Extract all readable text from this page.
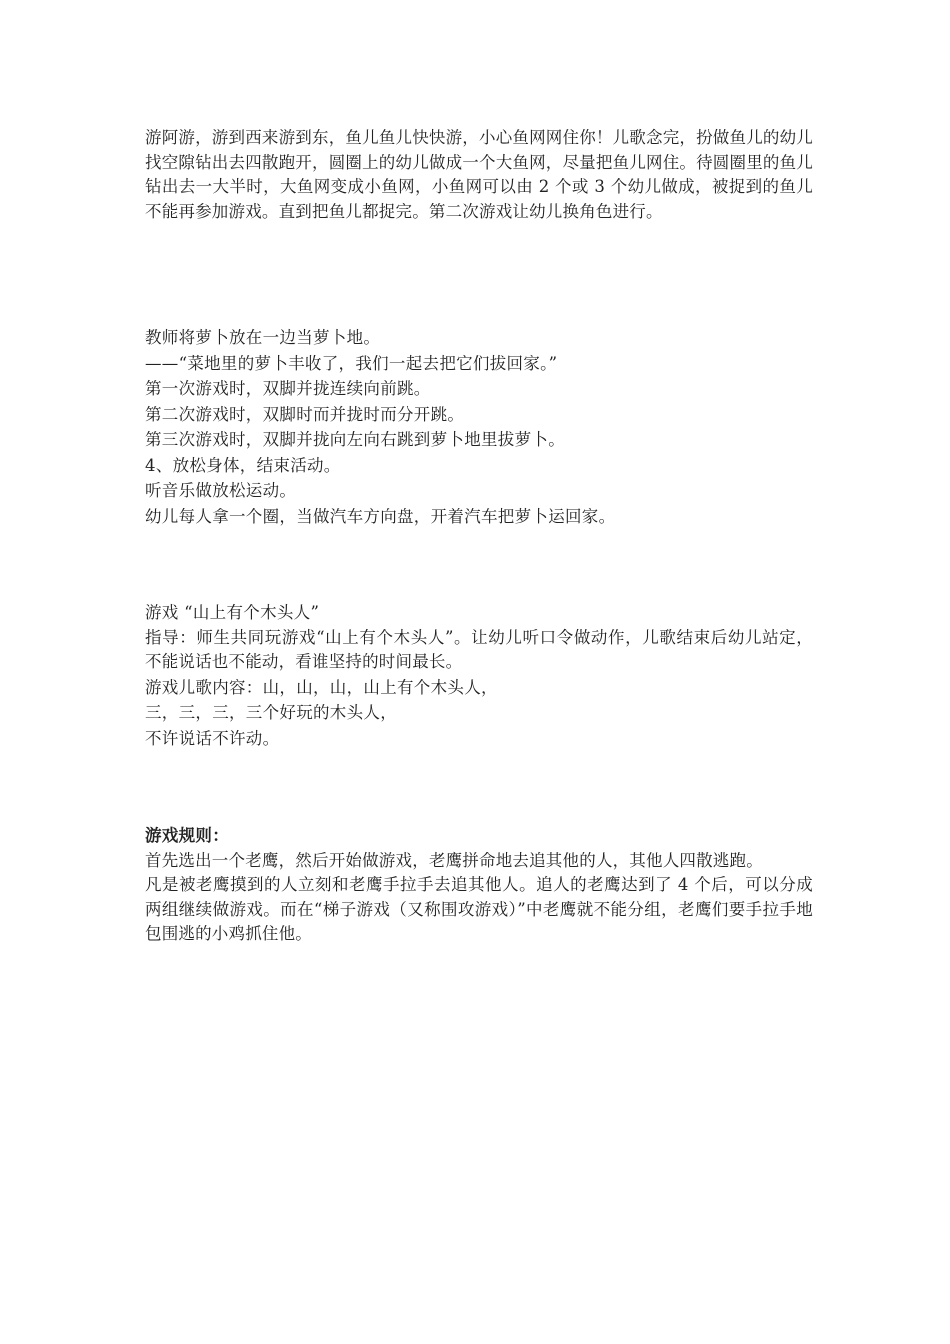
游阿游，游到西来游到东，鱼儿鱼儿快快游，小心鱼网网住你！儿歌念完，扮做鱼儿的幼儿找空隙钻出去四散跑开，圆圈上的幼儿做成一个大鱼网，尽量把鱼儿网住。待圆圈里的鱼儿钻出去一大半时，大鱼网变成小鱼网，小鱼网可以由 2 个或 3 个幼儿做成，被捉到的鱼儿不能再参加游戏。直到把鱼儿都捉完。第二次游戏让幼儿换角色进行。

教师将萝卜放在一边当萝卜地。

——“菜地里的萝卜丰收了，我们一起去把它们拔回家。”

第一次游戏时，双脚并拢连续向前跳。

第二次游戏时，双脚时而并拢时而分开跳。

第三次游戏时，双脚并拢向左向右跳到萝卜地里拔萝卜。

4、放松身体，结束活动。

听音乐做放松运动。

幼儿每人拿一个圈，当做汽车方向盘，开着汽车把萝卜运回家。

游戏 “山上有个木头人”

指导：师生共同玩游戏“山上有个木头人”。让幼儿听口令做动作，儿歌结束后幼儿站定，不能说话也不能动，看谁坚持的时间最长。

游戏儿歌内容：山，山，山，山上有个木头人，

三，三，三，三个好玩的木头人，

不许说话不许动。

游戏规则：

首先选出一个老鹰，然后开始做游戏，老鹰拼命地去追其他的人，其他人四散逃跑。

凡是被老鹰摸到的人立刻和老鹰手拉手去追其他人。追人的老鹰达到了 4 个后，可以分成两组继续做游戏。而在“梯子游戏（又称围攻游戏）”中老鹰就不能分组，老鹰们要手拉手地包围逃的小鸡抓住他。
